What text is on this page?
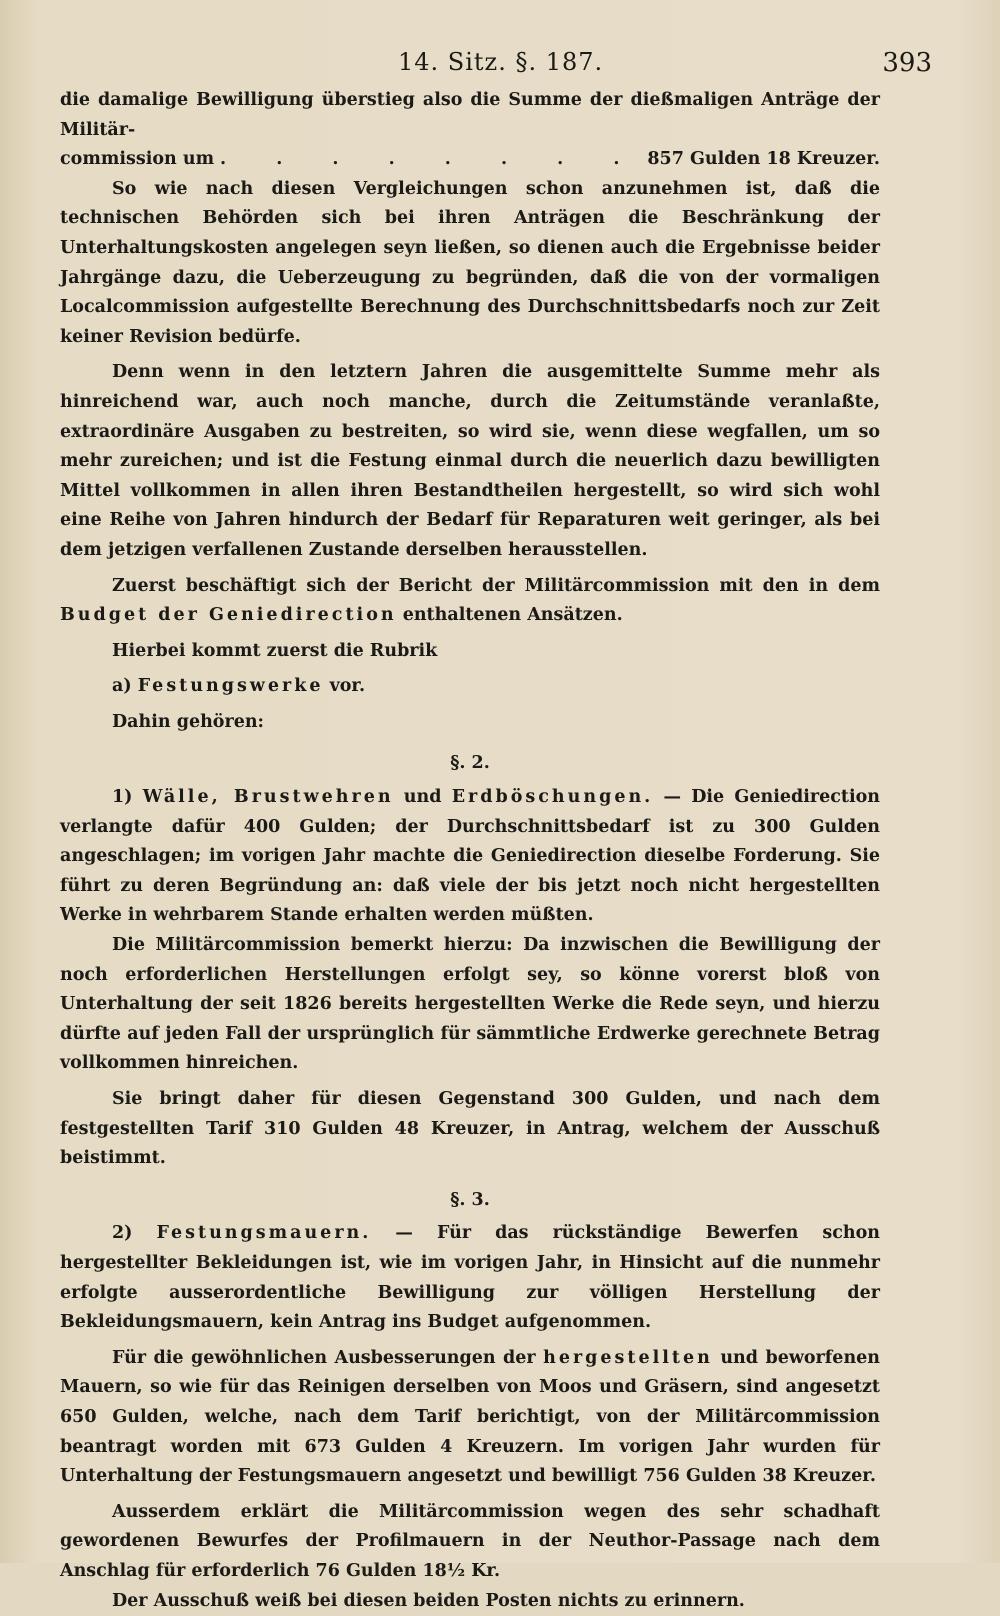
14. Sitz. §. 187.	393

die damalige Bewilligung überstieg also die Summe der dießmaligen Anträge der Militär-

commission um . . . . . . . . 857 Gulden 18 Kreuzer.

So wie nach diesen Vergleichungen schon anzunehmen ist, daß die technischen Behörden sich bei ihren Anträgen die Beschränkung der Unterhaltungskosten angelegen seyn ließen, so dienen auch die Ergebnisse beider Jahrgänge dazu, die Ueberzeugung zu begründen, daß die von der vormaligen Localcommission aufgestellte Berechnung des Durchschnittsbedarfs noch zur Zeit keiner Revision bedürfe.

Denn wenn in den letztern Jahren die ausgemittelte Summe mehr als hinreichend war, auch noch manche, durch die Zeitumstände veranlaßte, extraordinäre Ausgaben zu bestreiten, so wird sie, wenn diese wegfallen, um so mehr zureichen; und ist die Festung einmal durch die neuerlich dazu bewilligten Mittel vollkommen in allen ihren Bestandtheilen hergestellt, so wird sich wohl eine Reihe von Jahren hindurch der Bedarf für Reparaturen weit geringer, als bei dem jetzigen verfallenen Zustande derselben herausstellen.

Zuerst beschäftigt sich der Bericht der Militärcommission mit den in dem Budget der Geniedirection enthaltenen Ansätzen.

Hierbei kommt zuerst die Rubrik

a) Festungswerke vor.

Dahin gehören:

§. 2.

1) Wälle, Brustwehren und Erdböschungen. — Die Geniedirection verlangte dafür 400 Gulden; der Durchschnittsbedarf ist zu 300 Gulden angeschlagen; im vorigen Jahr machte die Geniedirection dieselbe Forderung. Sie führt zu deren Begründung an: daß viele der bis jetzt noch nicht hergestellten Werke in wehrbarem Stande erhalten werden müßten.

Die Militärcommission bemerkt hierzu: Da inzwischen die Bewilligung der noch erforderlichen Herstellungen erfolgt sey, so könne vorerst bloß von Unterhaltung der seit 1826 bereits hergestellten Werke die Rede seyn, und hierzu dürfte auf jeden Fall der ursprünglich für sämmtliche Erdwerke gerechnete Betrag vollkommen hinreichen.

Sie bringt daher für diesen Gegenstand 300 Gulden, und nach dem festgestellten Tarif 310 Gulden 48 Kreuzer, in Antrag, welchem der Ausschuß beistimmt.

§. 3.

2) Festungsmauern. — Für das rückständige Bewerfen schon hergestellter Bekleidungen ist, wie im vorigen Jahr, in Hinsicht auf die nunmehr erfolgte ausserordentliche Bewilligung zur völligen Herstellung der Bekleidungsmauern, kein Antrag ins Budget aufgenommen.

Für die gewöhnlichen Ausbesserungen der hergestellten und beworfenen Mauern, so wie für das Reinigen derselben von Moos und Gräsern, sind angesetzt 650 Gulden, welche, nach dem Tarif berichtigt, von der Militärcommission beantragt worden mit 673 Gulden 4 Kreuzern. Im vorigen Jahr wurden für Unterhaltung der Festungsmauern angesetzt und bewilligt 756 Gulden 38 Kreuzer.

Ausserdem erklärt die Militärcommission wegen des sehr schadhaft gewordenen Bewurfes der Profilmauern in der Neuthor-Passage nach dem Anschlag für erforderlich 76 Gulden 18½ Kr.

Der Ausschuß weiß bei diesen beiden Posten nichts zu erinnern.
